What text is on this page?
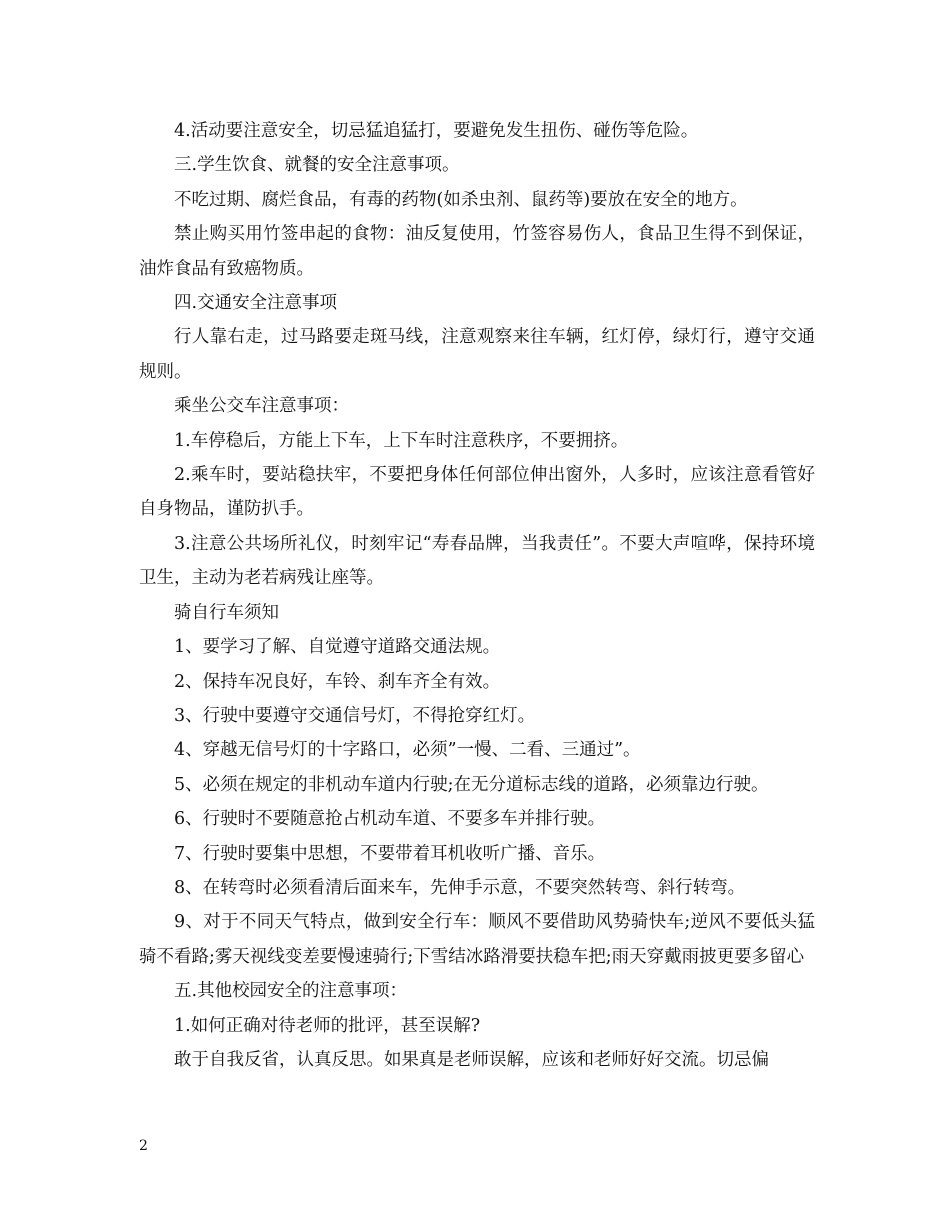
4.活动要注意安全，切忌猛追猛打，要避免发生扭伤、碰伤等危险。

三.学生饮食、就餐的安全注意事项。

不吃过期、腐烂食品，有毒的药物(如杀虫剂、鼠药等)要放在安全的地方。

禁止购买用竹签串起的食物：油反复使用，竹签容易伤人，食品卫生得不到保证，油炸食品有致癌物质。

四.交通安全注意事项

行人靠右走，过马路要走斑马线，注意观察来往车辆，红灯停，绿灯行，遵守交通规则。

乘坐公交车注意事项：

1.车停稳后，方能上下车，上下车时注意秩序，不要拥挤。

2.乘车时，要站稳扶牢，不要把身体任何部位伸出窗外，人多时，应该注意看管好自身物品，谨防扒手。

3.注意公共场所礼仪，时刻牢记“寿春品牌，当我责任”。不要大声喧哗，保持环境卫生，主动为老若病残让座等。

骑自行车须知

1、要学习了解、自觉遵守道路交通法规。

2、保持车况良好，车铃、刹车齐全有效。

3、行驶中要遵守交通信号灯，不得抢穿红灯。

4、穿越无信号灯的十字路口，必须”一慢、二看、三通过”。

5、必须在规定的非机动车道内行驶;在无分道标志线的道路，必须靠边行驶。

6、行驶时不要随意抢占机动车道、不要多车并排行驶。

7、行驶时要集中思想，不要带着耳机收听广播、音乐。

8、在转弯时必须看清后面来车，先伸手示意，不要突然转弯、斜行转弯。

9、对于不同天气特点，做到安全行车：顺风不要借助风势骑快车;逆风不要低头猛骑不看路;雾天视线变差要慢速骑行;下雪结冰路滑要扶稳车把;雨天穿戴雨披更要多留心

五.其他校园安全的注意事项：

1.如何正确对待老师的批评，甚至误解?

敢于自我反省，认真反思。如果真是老师误解，应该和老师好好交流。切忌偏

2
